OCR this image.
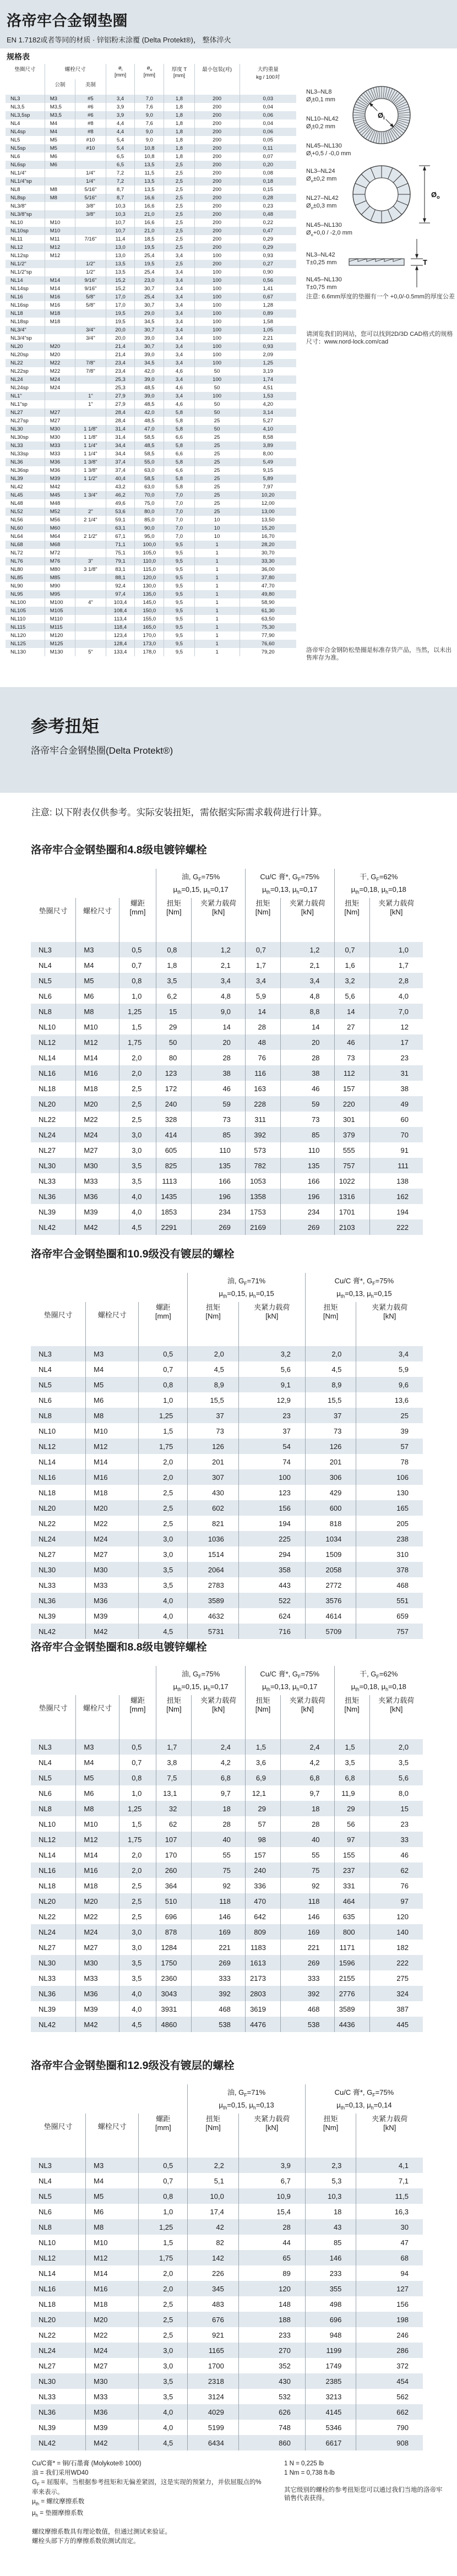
洛帝牢合金钢垫圈
EN 1.7182或者等同的材质 · 锌铝粉末涂覆 (Delta Protekt®)， 整体淬火
规格表
垫圈尺寸	螺栓尺寸	$ø_i$
[mm]

$ø_o$
[mm]

厚度 T
[mm]
	最小包装(对)	大约重量
kg / 100对

	公制	美制					
NL3	M3	#5	3,4	7,0	1,8	200	0,03
NL3,5	M3,5	#6	3,9	7,6	1,8	200	0,04
NL3,5sp	M3,5	#6	3,9	9,0	1,8	200	0,06
NL4	M4	#8	4,4	7,6	1,8	200	0,04
NL4sp	M4	#8	4,4	9,0	1,8	200	0,06
NL5	M5	#10	5,4	9,0	1,8	200	0,05
NL5sp	M5	#10	5,4	10,8	1,8	200	0,11
NL6	M6		6,5	10,8	1,8	200	0,07
NL6sp	M6		6,5	13,5	2,5	200	0,20
NL1/4"		1/4"	7,2	11,5	2,5	200	0,08
NL1/4"sp		1/4"	7,2	13,5	2,5	200	0,18
NL8	M8	5/16"	8,7	13,5	2,5	200	0,15
NL8sp	M8	5/16"	8,7	16,6	2,5	200	0,28
NL3/8"		3/8"	10,3	16,6	2,5	200	0,23
NL3/8"sp		3/8"	10,3	21,0	2,5	200	0,48
NL10	M10		10,7	16,6	2,5	200	0,22
NL10sp	M10		10,7	21,0	2,5	200	0,47
NL11	M11	7/16"	11,4	18,5	2,5	200	0,29
NL12	M12		13,0	19,5	2,5	200	0,29
NL12sp	M12		13,0	25,4	3,4	100	0,93
NL1/2"		1/2"	13,5	19,5	2,5	200	0,27
NL1/2"sp		1/2"	13,5	25,4	3,4	100	0,90
NL14	M14	9/16"	15,2	23,0	3,4	100	0,56
NL14sp	M14	9/16"	15,2	30,7	3,4	100	1,41
NL16	M16	5/8"	17,0	25,4	3,4	100	0,67
NL16sp	M16	5/8"	17,0	30,7	3,4	100	1,28
NL18	M18		19,5	29,0	3,4	100	0,89
NL18sp	M18		19,5	34,5	3,4	100	1,58
NL3/4"		3/4"	20,0	30,7	3,4	100	1,05
NL3/4"sp		3/4"	20,0	39,0	3,4	100	2,21
NL20	M20		21,4	30,7	3,4	100	0,93
NL20sp	M20		21,4	39,0	3,4	100	2,09
NL22	M22	7/8"	23,4	34,5	3,4	100	1,25
NL22sp	M22	7/8"	23,4	42,0	4,6	50	3,19
NL24	M24		25,3	39,0	3,4	100	1,74
NL24sp	M24		25,3	48,5	4,6	50	4,51
NL1"		1"	27,9	39,0	3,4	100	1,53
NL1"sp		1"	27,9	48,5	4,6	50	4,20
NL27	M27		28,4	42,0	5,8	50	3,14
NL27sp	M27		28,4	48,5	5,8	25	5,27
NL30	M30	1 1/8"	31,4	47,0	5,8	50	4,10
NL30sp	M30	1 1/8"	31,4	58,5	6,6	25	8,58
NL33	M33	1 1/4"	34,4	48,5	5,8	25	3,89
NL33sp	M33	1 1/4"	34,4	58,5	6,6	25	8,00
NL36	M36	1 3/8"	37,4	55,0	5,8	25	5,49
NL36sp	M36	1 3/8"	37,4	63,0	6,6	25	9,15
NL39	M39	1 1/2"	40,4	58,5	5,8	25	5,89
NL42	M42		43,2	63,0	5,8	25	7,97
NL45	M45	1 3/4"	46,2	70,0	7,0	25	10,20
NL48	M48		49,6	75,0	7,0	25	12,00
NL52	M52	2"	53,6	80,0	7,0	25	13,00
NL56	M56	2 1/4"	59,1	85,0	7,0	10	13,50
NL60	M60		63,1	90,0	7,0	10	15,20
NL64	M64	2 1/2"	67,1	95,0	7,0	10	16,70
NL68	M68		71,1	100,0	9,5	1	28,20
NL72	M72		75,1	105,0	9,5	1	30,70
NL76	M76	3"	79,1	110,0	9,5	1	33,30
NL80	M80	3 1/8"	83,1	115,0	9,5	1	36,00
NL85	M85		88,1	120,0	9,5	1	37,80
NL90	M90		92,4	130,0	9,5	1	47,70
NL95	M95		97,4	135,0	9,5	1	49,80
NL100	M100	4"	103,4	145,0	9,5	1	58,90
NL105	M105		108,4	150,0	9,5	1	61,30
NL110	M110		113,4	155,0	9,5	1	63,50
NL115	M115		118,4	165,0	9,5	1	75,30
NL120	M120		123,4	170,0	9,5	1	77,90
NL125	M125		128,4	173,0	9,5	1	76,60
NL130	M130	5"	133,4	178,0	9,5	1	79,20
NL3–NL8
$Ø_i\pm 0,1$ mm
NL10–NL42
$Ø_i\pm 0,2$ mm
NL45–NL130
$Ø_i+0,5 / -0,0$ mm
$Ø_i$
NL3–NL24
$Ø_o\pm 0,2$ mm
NL27–NL42
$Ø_o\pm 0,3$ mm
NL45–NL130
$Ø_o+0,0 / -2,0$ mm
$Ø_o$
NL3–NL42
T±0,25 mm
NL45–NL130
T±0,75 mm
T
注意: 6.6mm厚度的垫圈有一个 +0,0/-0.5mm的厚度公差
请浏览我们的网站，您可以找到2D/3D CAD格式的规格尺寸：www.nord-lock.com/cad
洛帝牢合金钢防松垫圈是标准存货产品，当然，以未出售库存为准。
参考扭矩
洛帝牢合金钢垫圈(Delta Protekt®)
注意: 以下附表仅供参考。实际安装扭矩，需依据实际需求载荷进行计算。
洛帝牢合金钢垫圈和4.8级电镀锌螺栓

油, $G_F=75\%$
$\mu_{th}=0,15$, $\mu_h=0,17$

Cu/C 膏*, $G_F=75\%$
$\mu_{th}=0,13$, $\mu_h=0,17$

干, $G_F=62\%$
$\mu_{th}=0,18$, $\mu_h=0,18$

垫圈尺寸	螺栓尺寸	
螺距
[mm]

扭矩
[Nm]

夹紧力载荷
[kN]

扭矩
[Nm]

夹紧力载荷
[kN]

扭矩
[Nm]

夹紧力载荷
[kN]

NL3	M3	0,5	0,8	1,2	0,7	1,2	0,7	1,0
NL4	M4	0,7	1,8	2,1	1,7	2,1	1,6	1,7
NL5	M5	0,8	3,5	3,4	3,4	3,4	3,2	2,8
NL6	M6	1,0	6,2	4,8	5,9	4,8	5,6	4,0
NL8	M8	1,25	15	9,0	14	8,8	14	7,0
NL10	M10	1,5	29	14	28	14	27	12
NL12	M12	1,75	50	20	48	20	46	17
NL14	M14	2,0	80	28	76	28	73	23
NL16	M16	2,0	123	38	116	38	112	31
NL18	M18	2,5	172	46	163	46	157	38
NL20	M20	2,5	240	59	228	59	220	49
NL22	M22	2,5	328	73	311	73	301	60
NL24	M24	3,0	414	85	392	85	379	70
NL27	M27	3,0	605	110	573	110	555	91
NL30	M30	3,5	825	135	782	135	757	111
NL33	M33	3,5	1113	166	1053	166	1022	138
NL36	M36	4,0	1435	196	1358	196	1316	162
NL39	M39	4,0	1853	234	1753	234	1701	194
NL42	M42	4,5	2291	269	2169	269	2103	222
洛帝牢合金钢垫圈和10.9级没有镀层的螺栓

油, $G_F=71\%$
$\mu_{th}=0,15$, $\mu_h=0,15$

Cu/C 膏*, $G_F=75\%$
$\mu_{th}=0,13$, $\mu_h=0,15$

垫圈尺寸	螺栓尺寸	
螺距
[mm]

扭矩
[Nm]

夹紧力载荷
[kN]

扭矩
[Nm]

夹紧力载荷
[kN]

NL3	M3	0,5	2,0	3,2	2,0	3,4
NL4	M4	0,7	4,5	5,6	4,5	5,9
NL5	M5	0,8	8,9	9,1	8,9	9,6
NL6	M6	1,0	15,5	12,9	15,5	13,6
NL8	M8	1,25	37	23	37	25
NL10	M10	1,5	73	37	73	39
NL12	M12	1,75	126	54	126	57
NL14	M14	2,0	201	74	201	78
NL16	M16	2,0	307	100	306	106
NL18	M18	2,5	430	123	429	130
NL20	M20	2,5	602	156	600	165
NL22	M22	2,5	821	194	818	205
NL24	M24	3,0	1036	225	1034	238
NL27	M27	3,0	1514	294	1509	310
NL30	M30	3,5	2064	358	2058	378
NL33	M33	3,5	2783	443	2772	468
NL36	M36	4,0	3589	522	3576	551
NL39	M39	4,0	4632	624	4614	659
NL42	M42	4,5	5731	716	5709	757
洛帝牢合金钢垫圈和8.8级电镀锌螺栓

油, $G_F=75\%$
$\mu_{th}=0,15$, $\mu_h=0,17$

Cu/C 膏*, $G_F=75\%$
$\mu_{th}=0,13$, $\mu_h=0,17$

干, $G_F=62\%$
$\mu_{th}=0,18$, $\mu_h=0,18$

垫圈尺寸	螺栓尺寸	
螺距
[mm]

扭矩
[Nm]

夹紧力载荷
[kN]

扭矩
[Nm]

夹紧力载荷
[kN]

扭矩
[Nm]

夹紧力载荷
[kN]

NL3	M3	0,5	1,7	2,4	1,5	2,4	1,5	2,0
NL4	M4	0,7	3,8	4,2	3,6	4,2	3,5	3,5
NL5	M5	0,8	7,5	6,8	6,9	6,8	6,8	5,6
NL6	M6	1,0	13,1	9,7	12,1	9,7	11,9	8,0
NL8	M8	1,25	32	18	29	18	29	15
NL10	M10	1,5	62	28	57	28	56	23
NL12	M12	1,75	107	40	98	40	97	33
NL14	M14	2,0	170	55	157	55	155	46
NL16	M16	2,0	260	75	240	75	237	62
NL18	M18	2,5	364	92	336	92	331	76
NL20	M20	2,5	510	118	470	118	464	97
NL22	M22	2,5	696	146	642	146	635	120
NL24	M24	3,0	878	169	809	169	800	140
NL27	M27	3,0	1284	221	1183	221	1171	182
NL30	M30	3,5	1750	269	1613	269	1596	222
NL33	M33	3,5	2360	333	2173	333	2155	275
NL36	M36	4,0	3043	392	2803	392	2776	324
NL39	M39	4,0	3931	468	3619	468	3589	387
NL42	M42	4,5	4860	538	4476	538	4436	445
洛帝牢合金钢垫圈和12.9级没有镀层的螺栓

油, $G_F=71\%$
$\mu_{th}=0,15$, $\mu_h=0,13$

Cu/C 膏*, $G_F=75\%$
$\mu_{th}=0,13$, $\mu_h=0,14$

垫圈尺寸	螺栓尺寸	
螺距
[mm]

扭矩
[Nm]

夹紧力载荷
[kN]

扭矩
[Nm]

夹紧力载荷
[kN]

NL3	M3	0,5	2,2	3,9	2,3	4,1
NL4	M4	0,7	5,1	6,7	5,3	7,1
NL5	M5	0,8	10,0	10,9	10,3	11,5
NL6	M6	1,0	17,4	15,4	18	16,3
NL8	M8	1,25	42	28	43	30
NL10	M10	1,5	82	44	85	47
NL12	M12	1,75	142	65	146	68
NL14	M14	2,0	226	89	233	94
NL16	M16	2,0	345	120	355	127
NL18	M18	2,5	483	148	498	156
NL20	M20	2,5	676	188	696	198
NL22	M22	2,5	921	233	948	246
NL24	M24	3,0	1165	270	1199	286
NL27	M27	3,0	1700	352	1749	372
NL30	M30	3,5	2318	430	2385	454
NL33	M33	3,5	3124	532	3213	562
NL36	M36	4,0	4029	626	4145	662
NL39	M39	4,0	5199	748	5346	790
NL42	M42	4,5	6434	860	6617	908

Cu/C膏* = 铜/石墨膏 (Molykote® 1000)

油 = 我们采用WD40

$G_F$ = 屈服率。当根据参考扭矩和无偏差紧固，这是实现的预紧力，并依屈服点的%率来表示。

$\mu_{th}$ = 螺纹摩擦系数

$\mu_h$ = 垫圈摩擦系数

螺纹摩擦系数具有理论数值，但通过测试来验证。

螺栓头部下方的摩擦系数依测试而定。

1 N = 0,225 lb

1 Nm = 0,738 ft-lb

其它级别的螺栓的参考扭矩您可以通过我们当地的洛帝牢销售代表获得。
